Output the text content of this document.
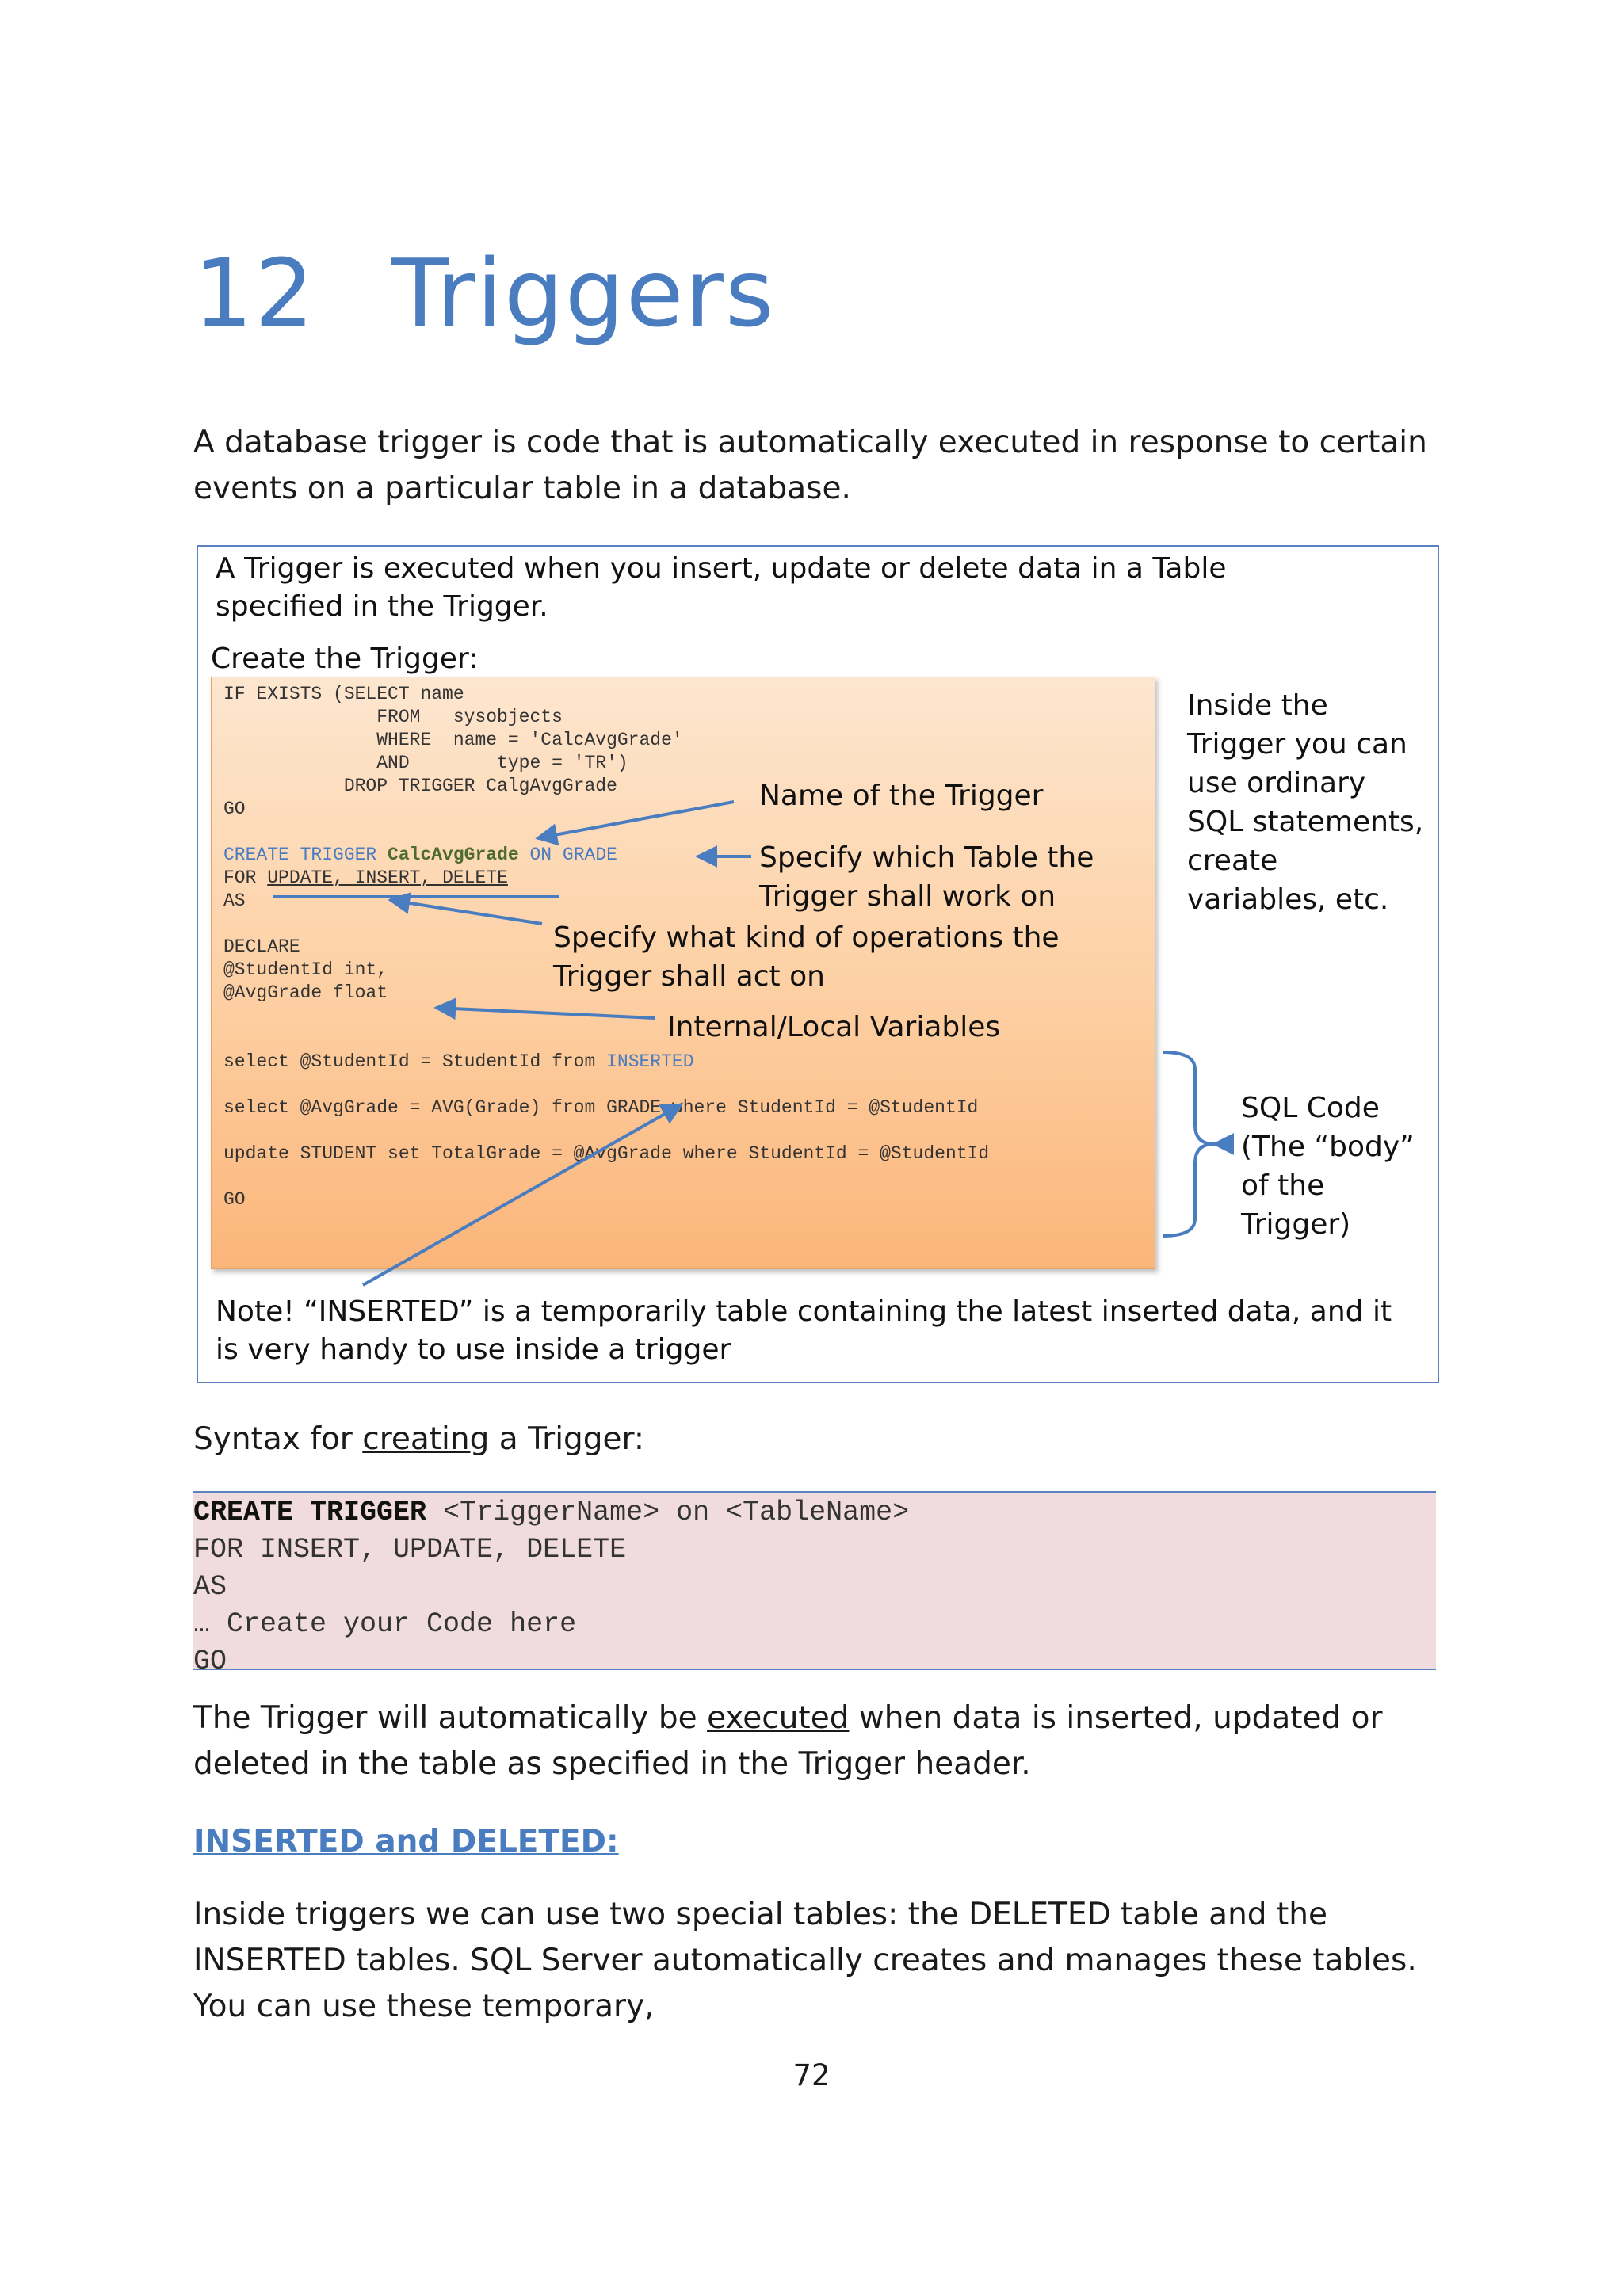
12 Triggers

A database trigger is code that is automatically executed in response to certain events on a particular table in a database.

A Trigger is executed when you insert, update or delete data in a Table specified in the Trigger.
Create the Trigger:
IF EXISTS (SELECT name
FROM   sysobjects
WHERE  name = 'CalcAvgGrade'
AND        type = 'TR')
DROP TRIGGER CalgAvgGrade
GO

CREATE TRIGGER CalcAvgGrade ON GRADE
FOR UPDATE, INSERT, DELETE
AS

DECLARE
@StudentId int,
@AvgGrade float

select @StudentId = StudentId from INSERTED

select @AvgGrade = AVG(Grade) from GRADE where StudentId = @StudentId

update STUDENT set TotalGrade = @AvgGrade where StudentId = @StudentId

GO
Name of the Trigger
Specify which Table the Trigger shall work on
Specify what kind of operations the Trigger shall act on
Internal/Local Variables
Inside the Trigger you can use ordinary SQL statements, create variables, etc.
SQL Code (The “body” of the Trigger)
Note! “INSERTED” is a temporarily table containing the latest inserted data, and it is very handy to use inside a trigger

Syntax for creating a Trigger:

CREATE TRIGGER <TriggerName> on <TableName>
FOR INSERT, UPDATE, DELETE
AS
… Create your Code here
GO

The Trigger will automatically be executed when data is inserted, updated or deleted in the table as specified in the Trigger header.

INSERTED and DELETED:

Inside triggers we can use two special tables: the DELETED table and the INSERTED tables. SQL Server automatically creates and manages these tables. You can use these temporary,

72
